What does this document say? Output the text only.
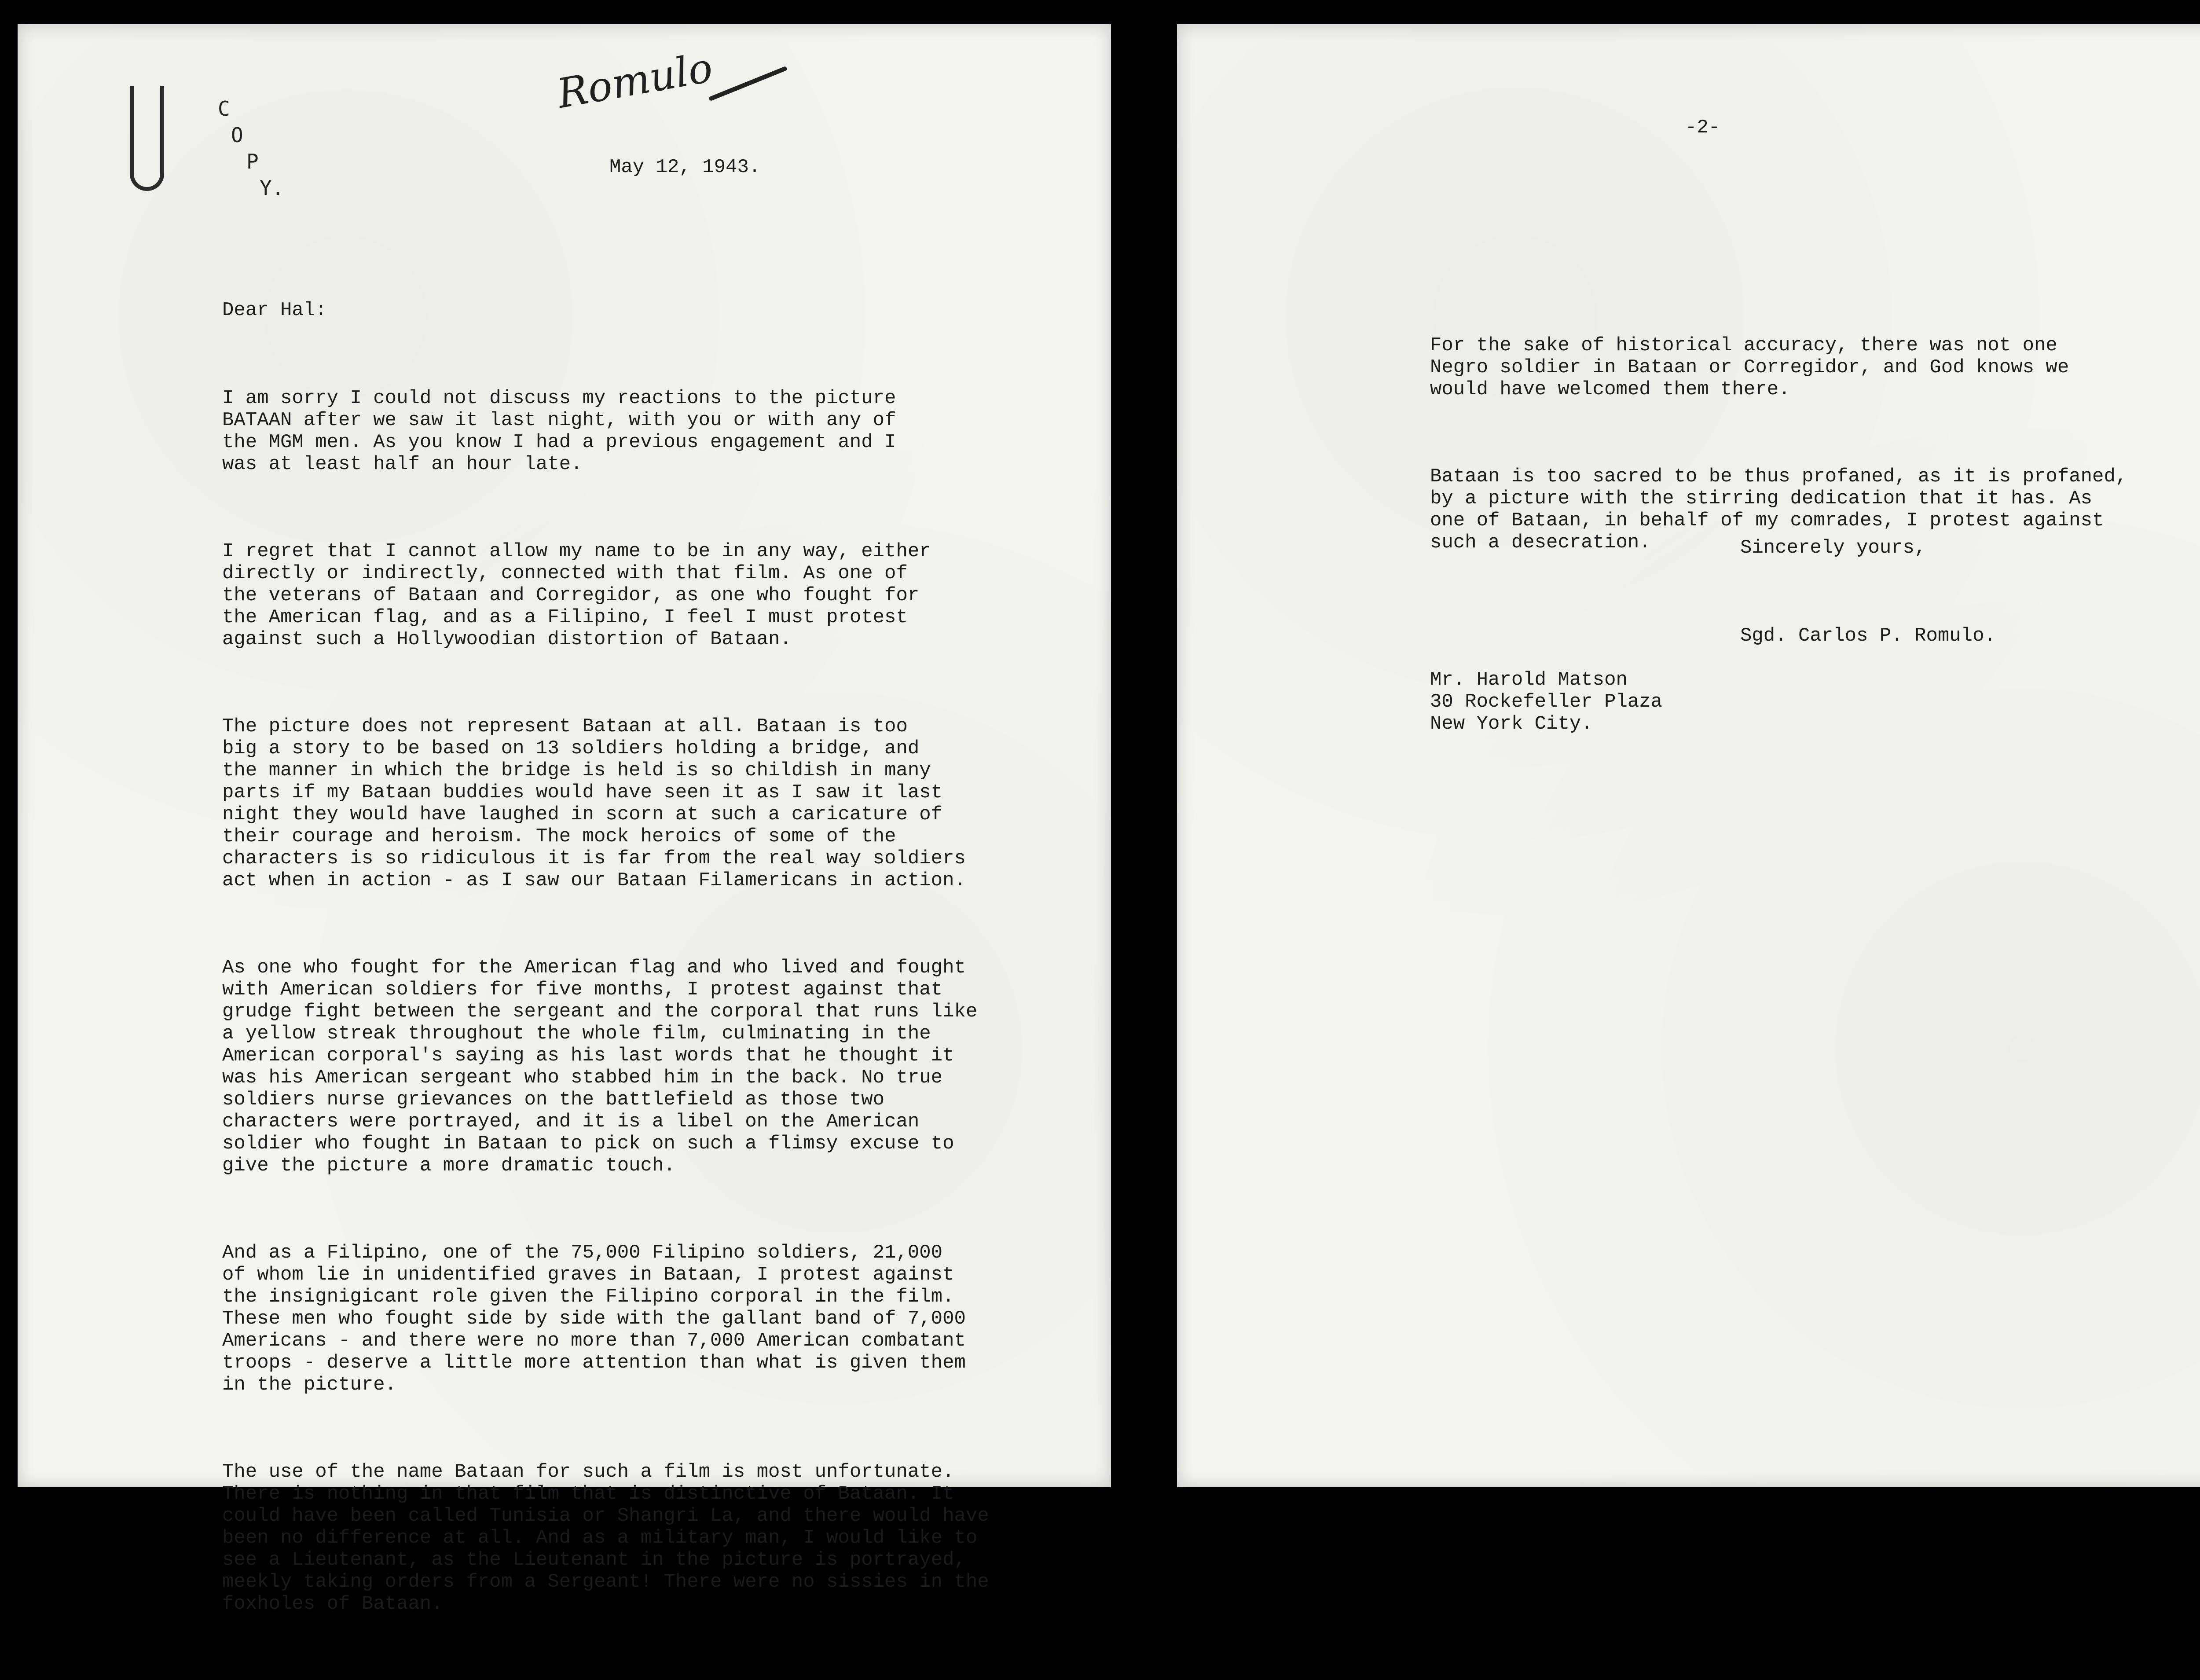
Romulo
C
O
P
Y.
May 12, 1943.
Dear Hal:

I am sorry I could not discuss my reactions to the picture
BATAAN after we saw it last night, with you or with any of
the MGM men. As you know I had a previous engagement and I
was at least half an hour late.

I regret that I cannot allow my name to be in any way, either
directly or indirectly, connected with that film. As one of
the veterans of Bataan and Corregidor, as one who fought for
the American flag, and as a Filipino, I feel I must protest
against such a Hollywoodian distortion of Bataan.

The picture does not represent Bataan at all. Bataan is too
big a story to be based on 13 soldiers holding a bridge, and
the manner in which the bridge is held is so childish in many
parts if my Bataan buddies would have seen it as I saw it last
night they would have laughed in scorn at such a caricature of
their courage and heroism. The mock heroics of some of the
characters is so ridiculous it is far from the real way soldiers
act when in action - as I saw our Bataan Filamericans in action.

As one who fought for the American flag and who lived and fought
with American soldiers for five months, I protest against that
grudge fight between the sergeant and the corporal that runs like
a yellow streak throughout the whole film, culminating in the
American corporal's saying as his last words that he thought it
was his American sergeant who stabbed him in the back. No true
soldiers nurse grievances on the battlefield as those two
characters were portrayed, and it is a libel on the American
soldier who fought in Bataan to pick on such a flimsy excuse to
give the picture a more dramatic touch.

And as a Filipino, one of the 75,000 Filipino soldiers, 21,000
of whom lie in unidentified graves in Bataan, I protest against
the insignigicant role given the Filipino corporal in the film.
These men who fought side by side with the gallant band of 7,000
Americans - and there were no more than 7,000 American combatant
troops - deserve a little more attention than what is given them
in the picture.

The use of the name Bataan for such a film is most unfortunate.
There is nothing in that film that is distinctive of Bataan. It
could have been called Tunisia or Shangri La, and there would have
been no difference at all. And as a military man, I would like to
see a Lieutenant, as the Lieutenant in the picture is portrayed,
meekly taking orders from a Sergeant! There were no sissies in the
foxholes of Bataan.

-2-

For the sake of historical accuracy, there was not one
Negro soldier in Bataan or Corregidor, and God knows we
would have welcomed them there.

Bataan is too sacred to be thus profaned, as it is profaned,
by a picture with the stirring dedication that it has. As
one of Bataan, in behalf of my comrades, I protest against
such a desecration.

	Sincerely yours,
Sgd. Carlos P. Romulo.
Mr. Harold Matson
30 Rockefeller Plaza
New York City.
